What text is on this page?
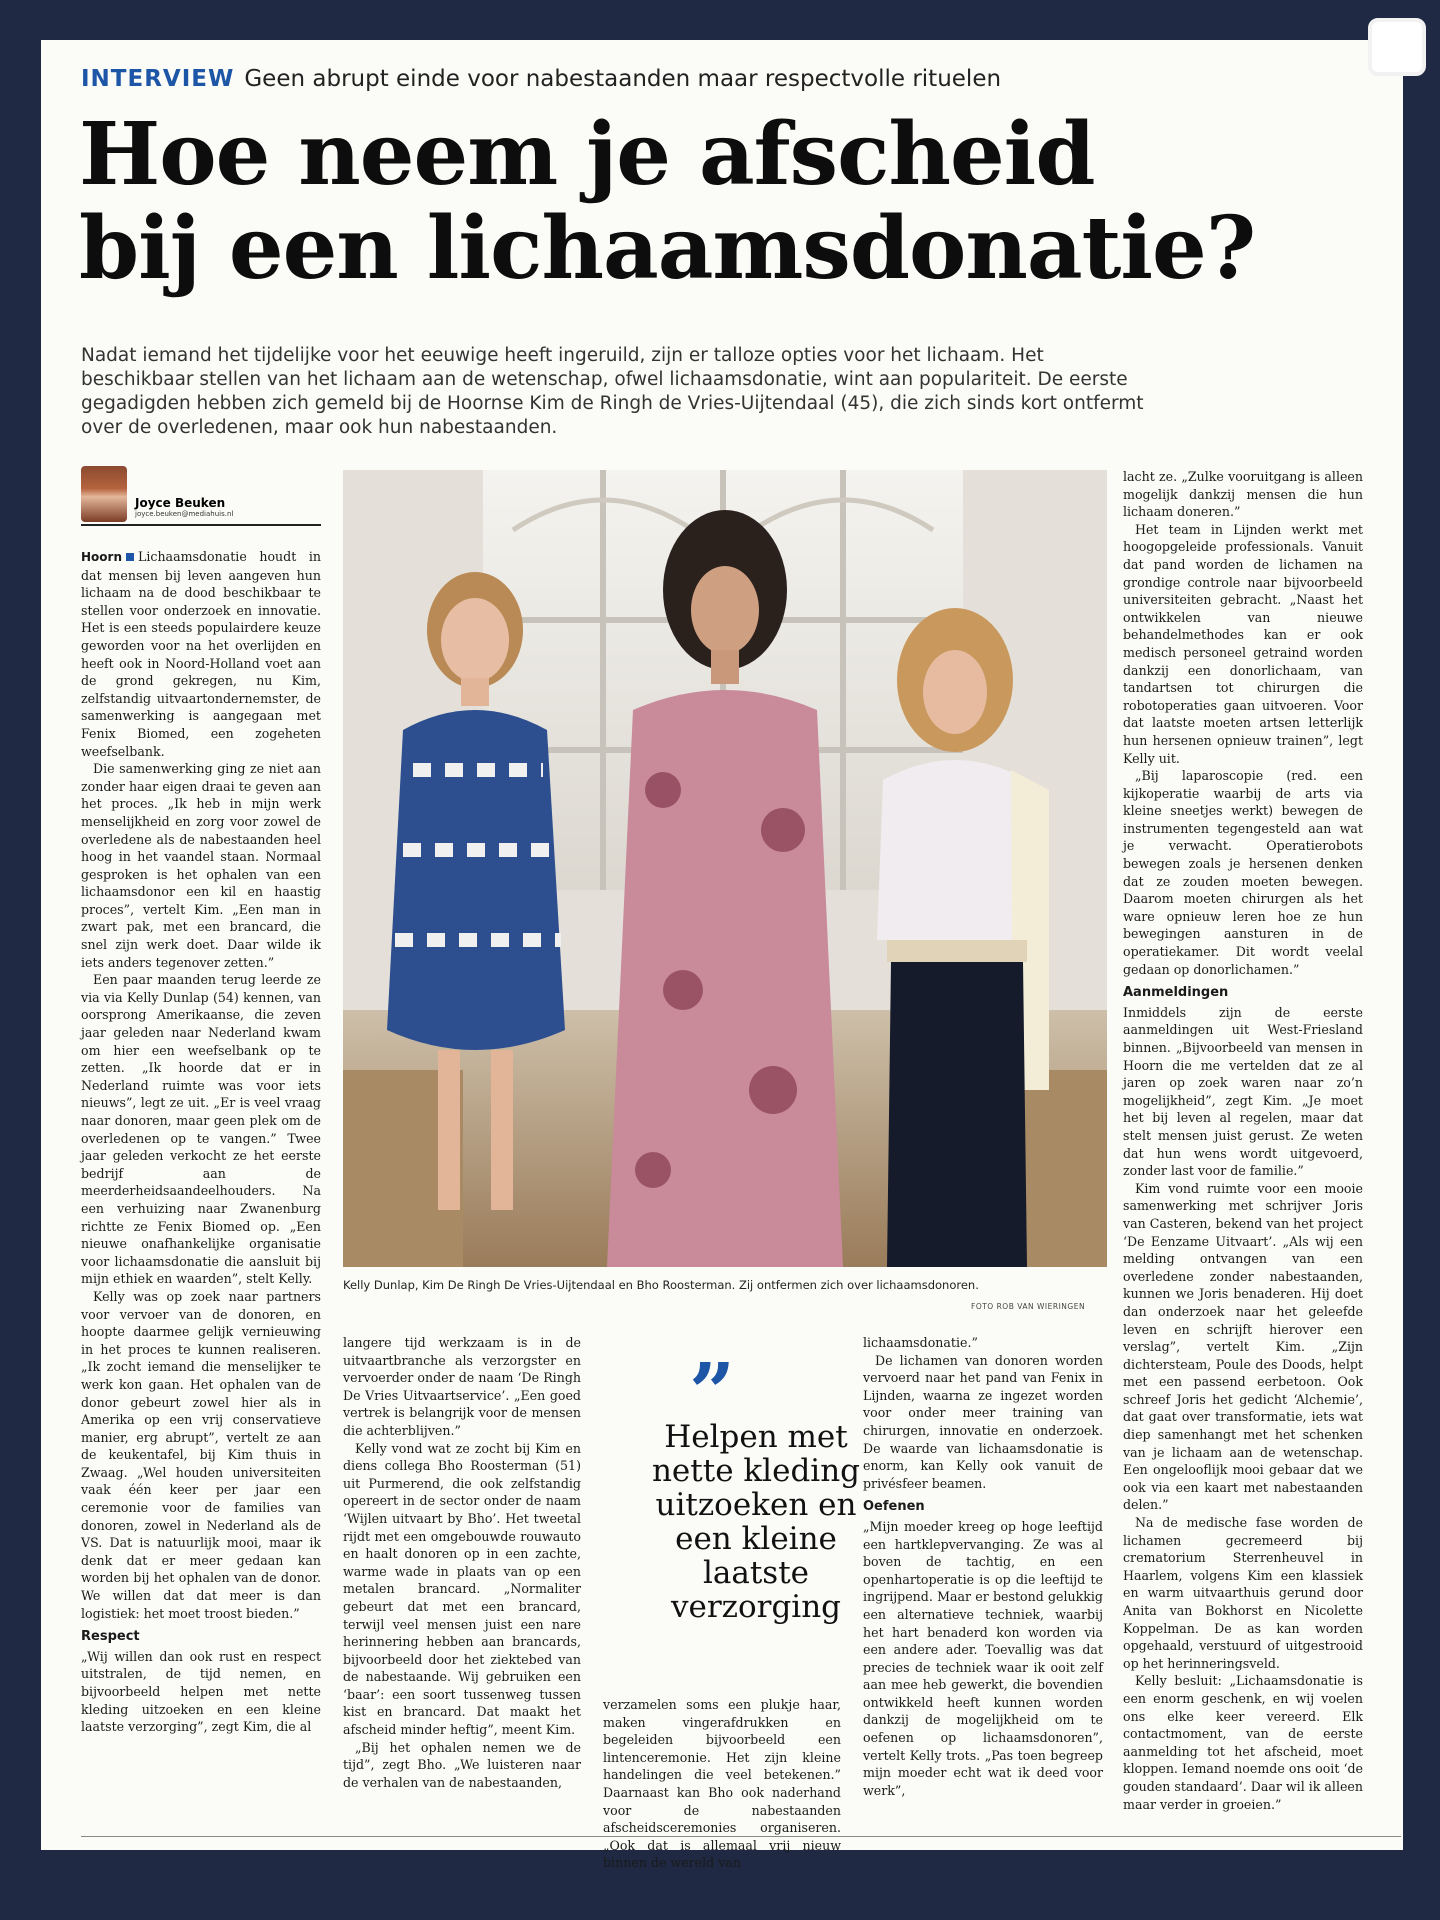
INTERVIEW Geen abrupt einde voor nabestaanden maar respectvolle rituelen
Hoe neem je afscheid
bij een lichaamsdonatie?
Nadat iemand het tijdelijke voor het eeuwige heeft ingeruild, zijn er talloze opties voor het lichaam. Het beschikbaar stellen van het lichaam aan de wetenschap, ofwel lichaamsdonatie, wint aan populariteit. De eerste gegadigden hebben zich gemeld bij de Hoornse Kim de Ringh de Vries-Uijtendaal (45), die zich sinds kort ontfermt over de overledenen, maar ook hun nabestaanden.
Joyce Beuken
joyce.beuken@mediahuis.nl

Hoorn Lichaamsdonatie houdt in dat mensen bij leven aangeven hun lichaam na de dood beschikbaar te stellen voor onderzoek en innovatie. Het is een steeds populairdere keuze geworden voor na het overlijden en heeft ook in Noord-Holland voet aan de grond gekregen, nu Kim, zelfstandig uitvaartondernemster, de samenwerking is aangegaan met Fenix Biomed, een zogeheten weefselbank.

Die samenwerking ging ze niet aan zonder haar eigen draai te geven aan het proces. „Ik heb in mijn werk menselijkheid en zorg voor zowel de overledene als de nabestaanden heel hoog in het vaandel staan. Normaal gesproken is het ophalen van een lichaamsdonor een kil en haastig proces”, vertelt Kim. „Een man in zwart pak, met een brancard, die snel zijn werk doet. Daar wilde ik iets anders tegenover zetten.”

Een paar maanden terug leerde ze via via Kelly Dunlap (54) kennen, van oorsprong Amerikaanse, die zeven jaar geleden naar Nederland kwam om hier een weefselbank op te zetten. „Ik hoorde dat er in Nederland ruimte was voor iets nieuws”, legt ze uit. „Er is veel vraag naar donoren, maar geen plek om de overledenen op te vangen.” Twee jaar geleden verkocht ze het eerste bedrijf aan de meerderheidsaandeelhouders. Na een verhuizing naar Zwanenburg richtte ze Fenix Biomed op. „Een nieuwe onafhankelijke organisatie voor lichaamsdonatie die aansluit bij mijn ethiek en waarden”, stelt Kelly.

Kelly was op zoek naar partners voor vervoer van de donoren, en hoopte daarmee gelijk vernieuwing in het proces te kunnen realiseren. „Ik zocht iemand die menselijker te werk kon gaan. Het ophalen van de donor gebeurt zowel hier als in Amerika op een vrij conservatieve manier, erg abrupt”, vertelt ze aan de keukentafel, bij Kim thuis in Zwaag. „Wel houden universiteiten vaak één keer per jaar een ceremonie voor de families van donoren, zowel in Nederland als de VS. Dat is natuurlijk mooi, maar ik denk dat er meer gedaan kan worden bij het ophalen van de donor. We willen dat dat meer is dan logistiek: het moet troost bieden.”

Respect

„Wij willen dan ook rust en respect uitstralen, de tijd nemen, en bijvoorbeeld helpen met nette kleding uitzoeken en een kleine laatste verzorging”, zegt Kim, die al

Kelly Dunlap, Kim De Ringh De Vries-Uijtendaal en Bho Roosterman. Zij ontfermen zich over lichaamsdonoren.
FOTO ROB VAN WIERINGEN

langere tijd werkzaam is in de uitvaartbranche als verzorgster en vervoerder onder de naam ‘De Ringh De Vries Uitvaartservice’. „Een goed vertrek is belangrijk voor de mensen die achterblijven.”

Kelly vond wat ze zocht bij Kim en diens collega Bho Roosterman (51) uit Purmerend, die ook zelfstandig opereert in de sector onder de naam ‘Wijlen uitvaart by Bho’. Het tweetal rijdt met een omgebouwde rouwauto en haalt donoren op in een zachte, warme wade in plaats van op een metalen brancard. „Normaliter gebeurt dat met een brancard, terwijl veel mensen juist een nare herinnering hebben aan brancards, bijvoorbeeld door het ziektebed van de nabestaande. Wij gebruiken een ‘baar’: een soort tussenweg tussen kist en brancard. Dat maakt het afscheid minder heftig”, meent Kim.

„Bij het ophalen nemen we de tijd”, zegt Bho. „We luisteren naar de verhalen van de nabestaanden,

”
Helpen met nette kleding uitzoeken en een kleine laatste verzorging

verzamelen soms een plukje haar, maken vingerafdrukken en begeleiden bijvoorbeeld een lintenceremonie. Het zijn kleine handelingen die veel betekenen.” Daarnaast kan Bho ook naderhand voor de nabestaanden afscheidsceremonies organiseren. „Ook dat is allemaal vrij nieuw binnen de wereld van

lichaamsdonatie.”

De lichamen van donoren worden vervoerd naar het pand van Fenix in Lijnden, waarna ze ingezet worden voor onder meer training van chirurgen, innovatie en onderzoek. De waarde van lichaamsdonatie is enorm, kan Kelly ook vanuit de privésfeer beamen.

Oefenen

„Mijn moeder kreeg op hoge leeftijd een hartklepvervanging. Ze was al boven de tachtig, en een openhartoperatie is op die leeftijd te ingrijpend. Maar er bestond gelukkig een alternatieve techniek, waarbij het hart benaderd kon worden via een andere ader. Toevallig was dat precies de techniek waar ik ooit zelf aan mee heb gewerkt, die bovendien ontwikkeld heeft kunnen worden dankzij de mogelijkheid om te oefenen op lichaamsdonoren”, vertelt Kelly trots. „Pas toen begreep mijn moeder echt wat ik deed voor werk”,

lacht ze. „Zulke vooruitgang is alleen mogelijk dankzij mensen die hun lichaam doneren.”

Het team in Lijnden werkt met hoogopgeleide professionals. Vanuit dat pand worden de lichamen na grondige controle naar bijvoorbeeld universiteiten gebracht. „Naast het ontwikkelen van nieuwe behandelmethodes kan er ook medisch personeel getraind worden dankzij een donorlichaam, van tandartsen tot chirurgen die robotoperaties gaan uitvoeren. Voor dat laatste moeten artsen letterlijk hun hersenen opnieuw trainen”, legt Kelly uit.

„Bij laparoscopie (red. een kijkoperatie waarbij de arts via kleine sneetjes werkt) bewegen de instrumenten tegengesteld aan wat je verwacht. Operatierobots bewegen zoals je hersenen denken dat ze zouden moeten bewegen. Daarom moeten chirurgen als het ware opnieuw leren hoe ze hun bewegingen aansturen in de operatiekamer. Dit wordt veelal gedaan op donorlichamen.”

Aanmeldingen

Inmiddels zijn de eerste aanmeldingen uit West-Friesland binnen. „Bijvoorbeeld van mensen in Hoorn die me vertelden dat ze al jaren op zoek waren naar zo’n mogelijkheid”, zegt Kim. „Je moet het bij leven al regelen, maar dat stelt mensen juist gerust. Ze weten dat hun wens wordt uitgevoerd, zonder last voor de familie.”

Kim vond ruimte voor een mooie samenwerking met schrijver Joris van Casteren, bekend van het project ‘De Eenzame Uitvaart’. „Als wij een melding ontvangen van een overledene zonder nabestaanden, kunnen we Joris benaderen. Hij doet dan onderzoek naar het geleefde leven en schrijft hierover een verslag”, vertelt Kim. „Zijn dichtersteam, Poule des Doods, helpt met een passend eerbetoon. Ook schreef Joris het gedicht ‘Alchemie’, dat gaat over transformatie, iets wat diep samenhangt met het schenken van je lichaam aan de wetenschap. Een ongelooflijk mooi gebaar dat we ook via een kaart met nabestaanden delen.”

Na de medische fase worden de lichamen gecremeerd bij crematorium Sterrenheuvel in Haarlem, volgens Kim een klassiek en warm uitvaarthuis gerund door Anita van Bokhorst en Nicolette Koppelman. De as kan worden opgehaald, verstuurd of uitgestrooid op het herinneringsveld.

Kelly besluit: „Lichaamsdonatie is een enorm geschenk, en wij voelen ons elke keer vereerd. Elk contactmoment, van de eerste aanmelding tot het afscheid, moet kloppen. Iemand noemde ons ooit ‘de gouden standaard’. Daar wil ik alleen maar verder in groeien.”
